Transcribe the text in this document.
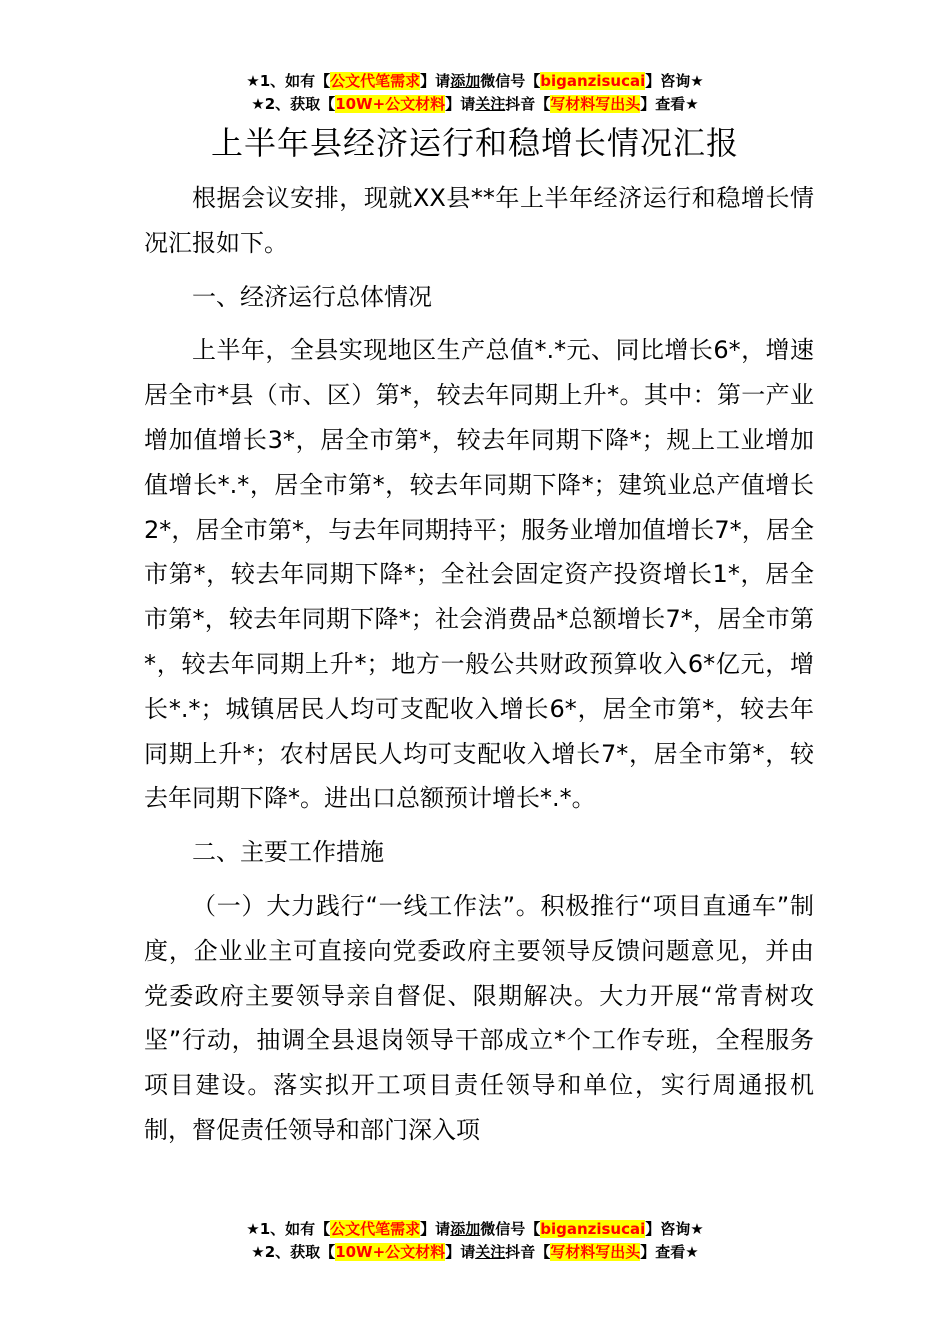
★1、如有【公文代笔需求】请添加微信号【biganzisucai】咨询★
★2、获取【10W+公文材料】请关注抖音【写材料写出头】查看★
上半年县经济运行和稳增长情况汇报

根据会议安排，现就XX县**年上半年经济运行和稳增长情况汇报如下。

一、经济运行总体情况

上半年，全县实现地区生产总值*.*元、同比增长6*，增速居全市*县（市、区）第*，较去年同期上升*。其中：第一产业增加值增长3*，居全市第*，较去年同期下降*；规上工业增加值增长*.*，居全市第*，较去年同期下降*；建筑业总产值增长2*，居全市第*，与去年同期持平；服务业增加值增长7*，居全市第*，较去年同期下降*；全社会固定资产投资增长1*，居全市第*，较去年同期下降*；社会消费品*总额增长7*，居全市第*，较去年同期上升*；地方一般公共财政预算收入6*亿元，增长*.*；城镇居民人均可支配收入增长6*，居全市第*，较去年同期上升*；农村居民人均可支配收入增长7*，居全市第*，较去年同期下降*。进出口总额预计增长*.*。

二、主要工作措施

（一）大力践行“一线工作法”。积极推行“项目直通车”制度，企业业主可直接向党委政府主要领导反馈问题意见，并由党委政府主要领导亲自督促、限期解决。大力开展“常青树攻坚”行动，抽调全县退岗领导干部成立*个工作专班，全程服务项目建设。落实拟开工项目责任领导和单位，实行周通报机制，督促责任领导和部门深入项

★1、如有【公文代笔需求】请添加微信号【biganzisucai】咨询★
★2、获取【10W+公文材料】请关注抖音【写材料写出头】查看★
